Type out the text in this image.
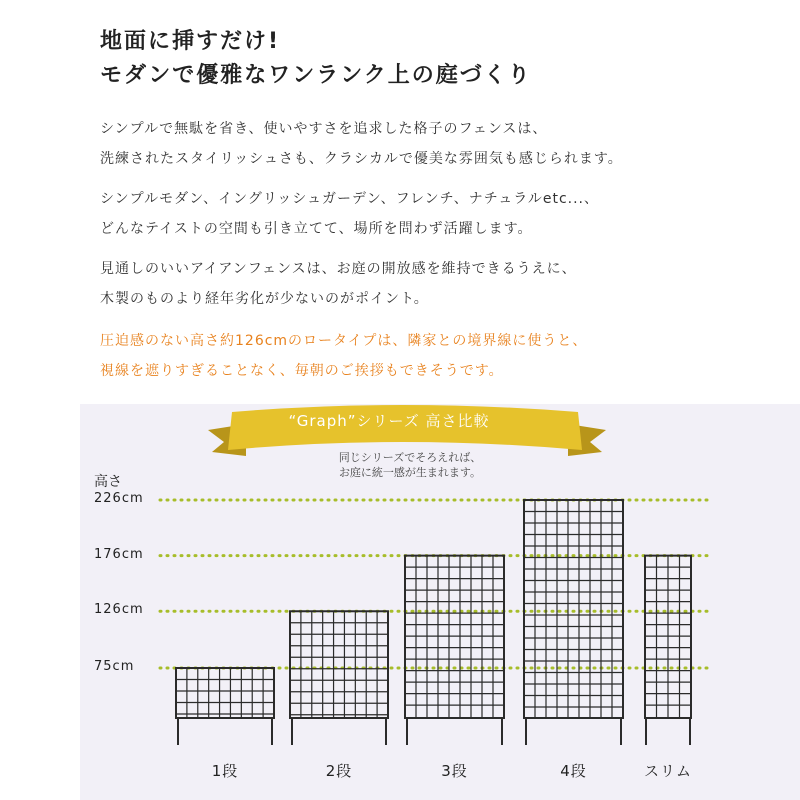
地面に挿すだけ!
モダンで優雅なワンランク上の庭づくり
シンプルで無駄を省き、使いやすさを追求した格子のフェンスは、
洗練されたスタイリッシュさも、クラシカルで優美な雰囲気も感じられます。
シンプルモダン、イングリッシュガーデン、フレンチ、ナチュラルetc...、
どんなテイストの空間も引き立てて、場所を問わず活躍します。
見通しのいいアイアンフェンスは、お庭の開放感を維持できるうえに、
木製のものより経年劣化が少ないのがポイント。
圧迫感のない高さ約126cmのロータイプは、隣家との境界線に使うと、
視線を遮りすぎることなく、毎朝のご挨拶もできそうです。
“Graph”シリーズ 高さ比較
同じシリーズでそろえれば、
お庭に統一感が生まれます。
高さ
226cm
176cm
126cm
75cm
1段	2段	3段	4段	スリム
